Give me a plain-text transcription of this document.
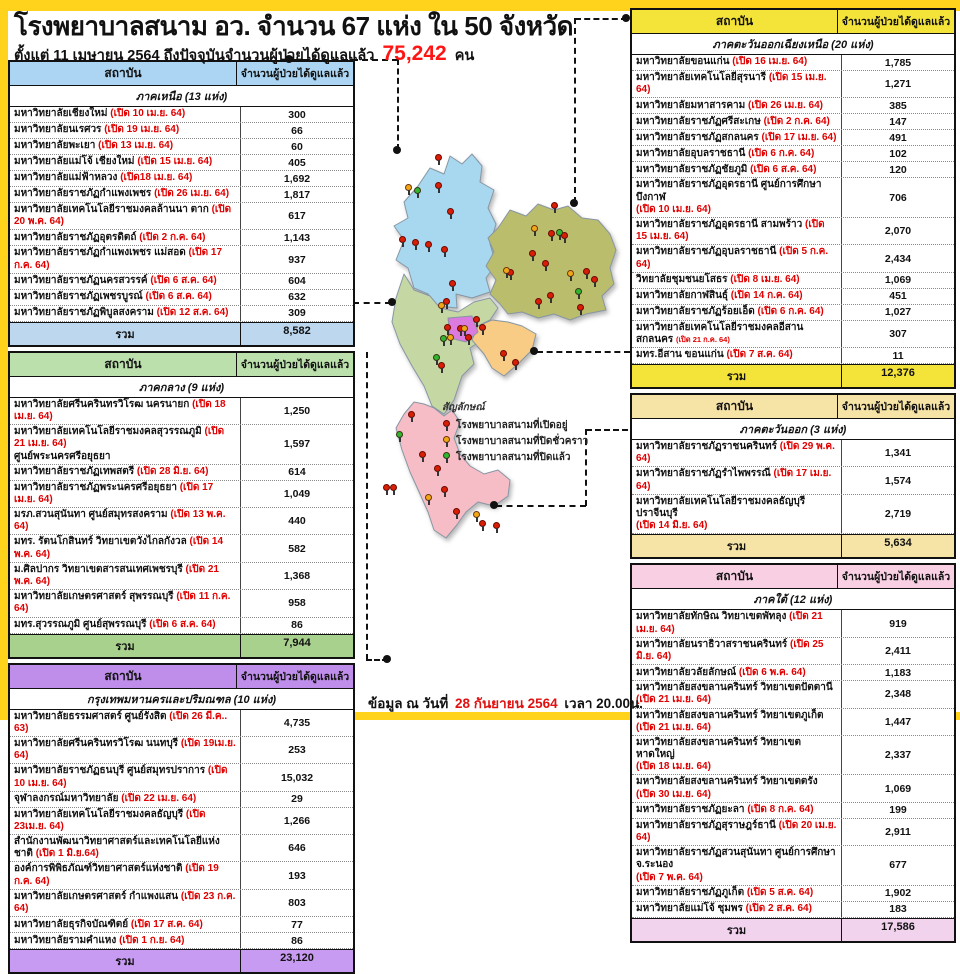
โรงพยาบาลสนาม อว. จำนวน 67 แห่ง ใน 50 จังหวัด
ตั้งแต่ 11 เมษายน 2564 ถึงปัจจุบันจำนวนผู้ป่วยได้ดูแลแล้ว 75,242 คน
สถาบัน	จำนวนผู้ป่วยได้ดูแลแล้ว
ภาคเหนือ (13 แห่ง)
มหาวิทยาลัยเชียงใหม่ (เปิด 10 เม.ย. 64)	300
มหาวิทยาลัยนเรศวร (เปิด 19 เม.ย. 64)	66
มหาวิทยาลัยพะเยา (เปิด 13 เม.ย. 64)	60
มหาวิทยาลัยแม่โจ้ เชียงใหม่ (เปิด 15 เม.ย. 64)	405
มหาวิทยาลัยแม่ฟ้าหลวง (เปิด18 เม.ย. 64)	1,692
มหาวิทยาลัยราชภัฏกำแพงเพชร (เปิด 26 เม.ย. 64)	1,817
มหาวิทยาลัยเทคโนโลยีราชมงคลล้านนา ตาก (เปิด 20 พ.ค. 64)	617
มหาวิทยาลัยราชภัฏอุตรดิตถ์ (เปิด 2 ก.ค. 64)	1,143
มหาวิทยาลัยราชภัฏกำแพงเพชร แม่สอด (เปิด 17 ก.ค. 64)	937
มหาวิทยาลัยราชภัฏนครสวรรค์ (เปิด 6 ส.ค. 64)	604
มหาวิทยาลัยราชภัฏเพชรบูรณ์ (เปิด 6 ส.ค. 64)	632
มหาวิทยาลัยราชภัฏพิบูลสงคราม (เปิด 12 ส.ค. 64)	309
รวม	8,582
สถาบัน	จำนวนผู้ป่วยได้ดูแลแล้ว
ภาคกลาง (9 แห่ง)
มหาวิทยาลัยศรีนครินทรวิโรฒ นครนายก (เปิด 18 เม.ย. 64)	1,250
มหาวิทยาลัยเทคโนโลยีราชมงคลสุวรรณภูมิ (เปิด 21 เม.ย. 64)
ศูนย์พระนครศรีอยุธยา
1,597
มหาวิทยาลัยราชภัฏเทพสตรี (เปิด 28 มิ.ย. 64)	614
มหาวิทยาลัยราชภัฏพระนครศรีอยุธยา (เปิด 17 เม.ย. 64)	1,049
มรภ.สวนสุนันทา ศูนย์สมุทรสงคราม (เปิด 13 พ.ค. 64)	440
มทร. รัตนโกสินทร์ วิทยาเขตวังไกลกังวล (เปิด 14 พ.ค. 64)	582
ม.ศิลปากร วิทยาเขตสารสนเทศเพชรบุรี (เปิด 21 พ.ค. 64)	1,368
มหาวิทยาลัยเกษตรศาสตร์ สุพรรณบุรี (เปิด 11 ก.ค. 64)	958
มทร.สุวรรณภูมิ ศูนย์สุพรรณบุรี (เปิด 6 ส.ค. 64)	86
รวม	7,944
สถาบัน	จำนวนผู้ป่วยได้ดูแลแล้ว
กรุงเทพมหานครและปริมณฑล (10 แห่ง)
มหาวิทยาลัยธรรมศาสตร์ ศูนย์รังสิต (เปิด 26 มี.ค.. 63)	4,735
มหาวิทยาลัยศรีนครินทรวิโรฒ นนทบุรี (เปิด 19เม.ย. 64)	253
มหาวิทยาลัยราชภัฏธนบุรี ศูนย์สมุทรปราการ (เปิด 10 เม.ย. 64)	15,032
จุฬาลงกรณ์มหาวิทยาลัย (เปิด 22 เม.ย. 64)	29
มหาวิทยาลัยเทคโนโลยีราชมงคลธัญบุรี (เปิด 23เม.ย. 64)	1,266
สำนักงานพัฒนาวิทยาศาสตร์และเทคโนโลยีแห่งชาติ (เปิด 1 มิ.ย.64)	646
องค์การพิพิธภัณฑ์วิทยาศาสตร์แห่งชาติ (เปิด 19 ก.ค. 64)	193
มหาวิทยาลัยเกษตรศาสตร์ กำแพงแสน (เปิด 23 ก.ค. 64)	803
มหาวิทยาลัยธุรกิจบัณฑิตย์ (เปิด 17 ส.ค. 64)	77
มหาวิทยาลัยรามคำแหง (เปิด 1 ก.ย. 64)	86
รวม	23,120
สถาบัน	จำนวนผู้ป่วยได้ดูแลแล้ว
ภาคตะวันออกเฉียงเหนือ (20 แห่ง)
มหาวิทยาลัยขอนแก่น (เปิด 16 เม.ย. 64)	1,785
มหาวิทยาลัยเทคโนโลยีสุรนารี (เปิด 15 เม.ย. 64)	1,271
มหาวิทยาลัยมหาสารคาม (เปิด 26 เม.ย. 64)	385
มหาวิทยาลัยราชภัฏศรีสะเกษ (เปิด 2 ก.ค. 64)	147
มหาวิทยาลัยราชภัฏสกลนคร (เปิด 17 เม.ย. 64)	491
มหาวิทยาลัยอุบลราชธานี (เปิด 6 ก.ค. 64)	102
มหาวิทยาลัยราชภัฏชัยภูมิ (เปิด 6 ส.ค. 64)	120
มหาวิทยาลัยราชภัฏอุดรธานี ศูนย์การศึกษาบึงกาฬ
(เปิด 10 เม.ย. 64)
706
มหาวิทยาลัยราชภัฏอุดรธานี สามพร้าว (เปิด 15 เม.ย. 64)	2,070
มหาวิทยาลัยราชภัฏอุบลราชธานี (เปิด 5 ก.ค. 64)	2,434
วิทยาลัยชุมชนยโสธร (เปิด 8 เม.ย. 64)	1,069
มหาวิทยาลัยกาฬสินธุ์ (เปิด 14 ก.ค. 64)	451
มหาวิทยาลัยราชภัฏร้อยเอ็ด (เปิด 6 ก.ค. 64)	1,027
มหาวิทยาลัยเทคโนโลยีราชมงคลอีสาน สกลนคร (เปิด 21 ก.ค. 64)	307
มทร.อีสาน ขอนแก่น (เปิด 7 ส.ค. 64)	11
รวม	12,376
สถาบัน	จำนวนผู้ป่วยได้ดูแลแล้ว
ภาคตะวันออก (3 แห่ง)
มหาวิทยาลัยราชภัฏราชนครินทร์ (เปิด 29 พ.ค. 64)	1,341
มหาวิทยาลัยราชภัฏรำไพพรรณี (เปิด 17 เม.ย. 64)	1,574
มหาวิทยาลัยเทคโนโลยีราชมงคลธัญบุรี ปราจีนบุรี
(เปิด 14 มิ.ย. 64)
2,719
รวม	5,634
สถาบัน	จำนวนผู้ป่วยได้ดูแลแล้ว
ภาคใต้ (12 แห่ง)
มหาวิทยาลัยทักษิณ วิทยาเขตพัทลุง (เปิด 21 เม.ย. 64)	919
มหาวิทยาลัยนราธิวาสราชนครินทร์ (เปิด 25 มิ.ย. 64)	2,411
มหาวิทยาลัยวลัยลักษณ์ (เปิด 6 พ.ค. 64)	1,183
มหาวิทยาลัยสงขลานครินทร์ วิทยาเขตปัตตานี
(เปิด 21 เม.ย. 64)	2,348
มหาวิทยาลัยสงขลานครินทร์ วิทยาเขตภูเก็ต
(เปิด 21 เม.ย. 64)	1,447
มหาวิทยาลัยสงขลานครินทร์ วิทยาเขตหาดใหญ่
(เปิด 18 เม.ย. 64)
2,337
มหาวิทยาลัยสงขลานครินทร์ วิทยาเขตตรัง
(เปิด 30 เม.ย. 64)	1,069
มหาวิทยาลัยราชภัฏยะลา (เปิด 8 ก.ค. 64)	199
มหาวิทยาลัยราชภัฏสุราษฎร์ธานี (เปิด 20 เม.ย. 64)	2,911
มหาวิทยาลัยราชภัฏสวนสุนันทา ศูนย์การศึกษา จ.ระนอง
(เปิด 7 พ.ค. 64)
677
มหาวิทยาลัยราชภัฏภูเก็ต (เปิด 5 ส.ค. 64)	1,902
มหาวิทยาลัยแม่โจ้ ชุมพร (เปิด 2 ส.ค. 64)	183
รวม	17,586
สัญลักษณ์
โรงพยาบาลสนามที่เปิดอยู่
โรงพยาบาลสนามที่ปิดชั่วคราว
โรงพยาบาลสนามที่ปิดแล้ว
ข้อมูล ณ วันที่ 28 กันยายน 2564 เวลา 20.00น.
